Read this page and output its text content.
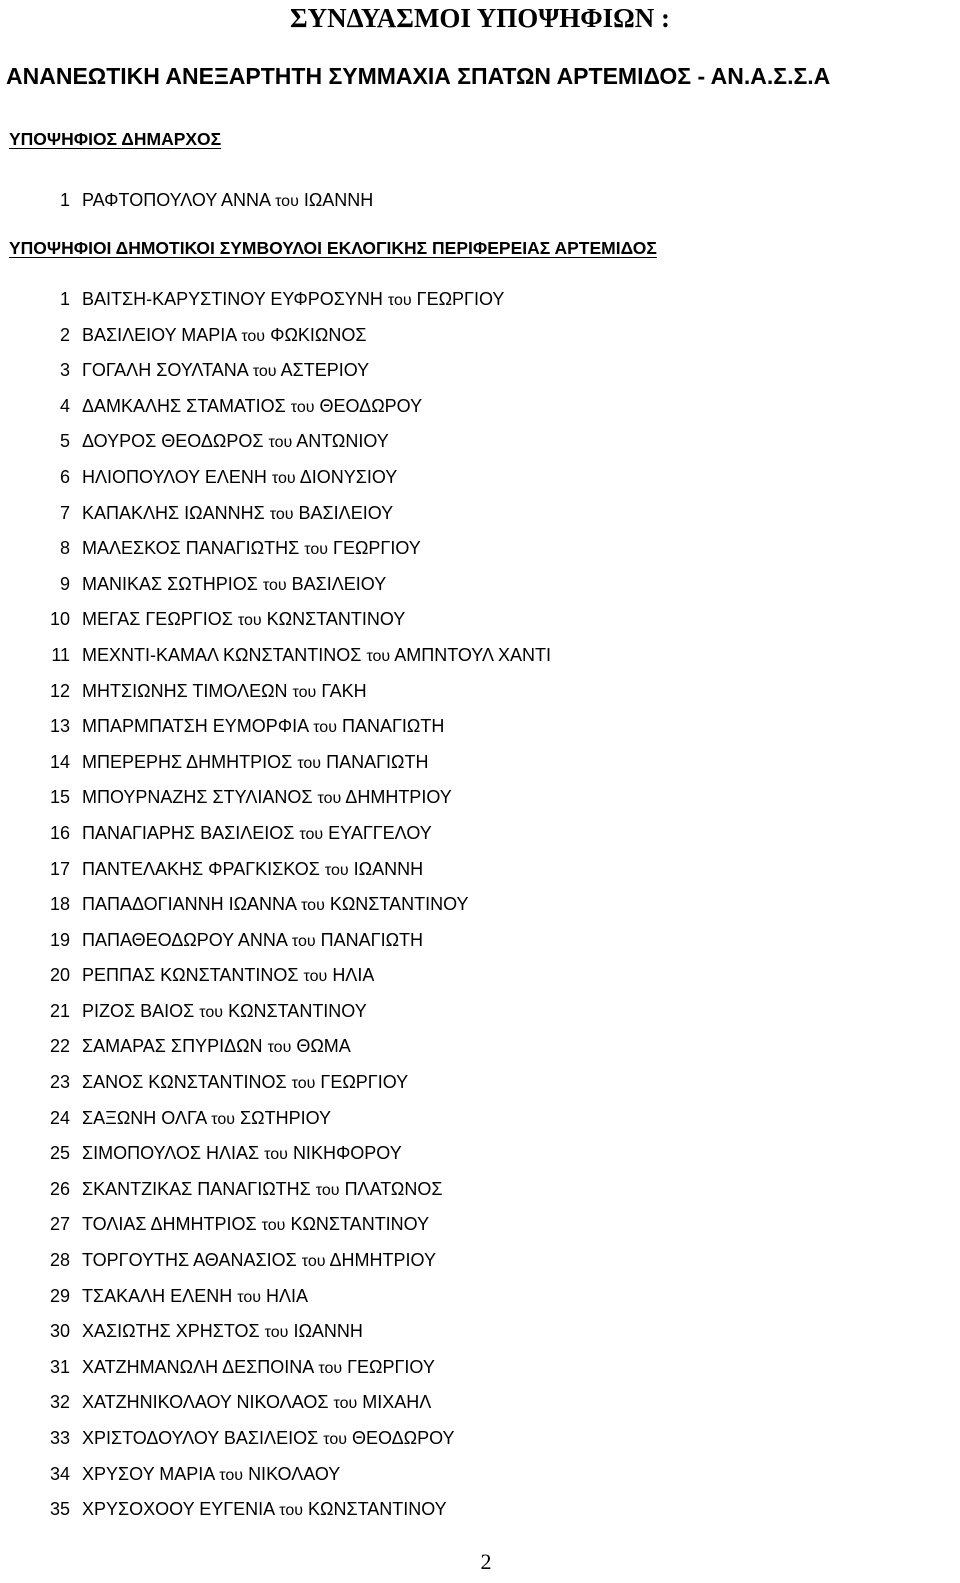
ΣΥΝΔΥΑΣΜΟΙ ΥΠΟΨΗΦΙΩΝ :
ΑΝΑΝΕΩΤΙΚΗ ΑΝΕΞΑΡΤΗΤΗ ΣΥΜΜΑΧΙΑ ΣΠΑΤΩΝ ΑΡΤΕΜΙΔΟΣ - ΑΝ.Α.Σ.Σ.Α
ΥΠΟΨΗΦΙΟΣ ΔΗΜΑΡΧΟΣ
1 ΡΑΦΤΟΠΟΥΛΟΥ ΑΝΝΑ του ΙΩΑΝΝΗ
ΥΠΟΨΗΦΙΟΙ ΔΗΜΟΤΙΚΟΙ ΣΥΜΒΟΥΛΟΙ ΕΚΛΟΓΙΚΗΣ ΠΕΡΙΦΕΡΕΙΑΣ ΑΡΤΕΜΙΔΟΣ
1 ΒΑΙΤΣΗ-ΚΑΡΥΣΤΙΝΟΥ ΕΥΦΡΟΣΥΝΗ του ΓΕΩΡΓΙΟΥ
2 ΒΑΣΙΛΕΙΟΥ ΜΑΡΙΑ του ΦΩΚΙΩΝΟΣ
3 ΓΟΓΑΛΗ ΣΟΥΛΤΑΝΑ του ΑΣΤΕΡΙΟΥ
4 ΔΑΜΚΑΛΗΣ ΣΤΑΜΑΤΙΟΣ του ΘΕΟΔΩΡΟΥ
5 ΔΟΥΡΟΣ ΘΕΟΔΩΡΟΣ του ΑΝΤΩΝΙΟΥ
6 ΗΛΙΟΠΟΥΛΟΥ ΕΛΕΝΗ του ΔΙΟΝΥΣΙΟΥ
7 ΚΑΠΑΚΛΗΣ ΙΩΑΝΝΗΣ του ΒΑΣΙΛΕΙΟΥ
8 ΜΑΛΕΣΚΟΣ ΠΑΝΑΓΙΩΤΗΣ του ΓΕΩΡΓΙΟΥ
9 ΜΑΝΙΚΑΣ ΣΩΤΗΡΙΟΣ του ΒΑΣΙΛΕΙΟΥ
10 ΜΕΓΑΣ ΓΕΩΡΓΙΟΣ του ΚΩΝΣΤΑΝΤΙΝΟΥ
11 ΜΕΧΝΤΙ-ΚΑΜΑΛ ΚΩΝΣΤΑΝΤΙΝΟΣ του ΑΜΠΝΤΟΥΛ ΧΑΝΤΙ
12 ΜΗΤΣΙΩΝΗΣ ΤΙΜΟΛΕΩΝ του ΓΑΚΗ
13 ΜΠΑΡΜΠΑΤΣΗ ΕΥΜΟΡΦΙΑ του ΠΑΝΑΓΙΩΤΗ
14 ΜΠΕΡΕΡΗΣ ΔΗΜΗΤΡΙΟΣ του ΠΑΝΑΓΙΩΤΗ
15 ΜΠΟΥΡΝΑΖΗΣ ΣΤΥΛΙΑΝΟΣ του ΔΗΜΗΤΡΙΟΥ
16 ΠΑΝΑΓΙΑΡΗΣ ΒΑΣΙΛΕΙΟΣ του ΕΥΑΓΓΕΛΟΥ
17 ΠΑΝΤΕΛΑΚΗΣ ΦΡΑΓΚΙΣΚΟΣ του ΙΩΑΝΝΗ
18 ΠΑΠΑΔΟΓΙΑΝΝΗ ΙΩΑΝΝΑ του ΚΩΝΣΤΑΝΤΙΝΟΥ
19 ΠΑΠΑΘΕΟΔΩΡΟΥ ΑΝΝΑ του ΠΑΝΑΓΙΩΤΗ
20 ΡΕΠΠΑΣ ΚΩΝΣΤΑΝΤΙΝΟΣ του ΗΛΙΑ
21 ΡΙΖΟΣ ΒΑΙΟΣ του ΚΩΝΣΤΑΝΤΙΝΟΥ
22 ΣΑΜΑΡΑΣ ΣΠΥΡΙΔΩΝ του ΘΩΜΑ
23 ΣΑΝΟΣ ΚΩΝΣΤΑΝΤΙΝΟΣ του ΓΕΩΡΓΙΟΥ
24 ΣΑΞΩΝΗ ΟΛΓΑ του ΣΩΤΗΡΙΟΥ
25 ΣΙΜΟΠΟΥΛΟΣ ΗΛΙΑΣ του ΝΙΚΗΦΟΡΟΥ
26 ΣΚΑΝΤΖΙΚΑΣ ΠΑΝΑΓΙΩΤΗΣ του ΠΛΑΤΩΝΟΣ
27 ΤΟΛΙΑΣ ΔΗΜΗΤΡΙΟΣ του ΚΩΝΣΤΑΝΤΙΝΟΥ
28 ΤΟΡΓΟΥΤΗΣ ΑΘΑΝΑΣΙΟΣ του ΔΗΜΗΤΡΙΟΥ
29 ΤΣΑΚΑΛΗ ΕΛΕΝΗ του ΗΛΙΑ
30 ΧΑΣΙΩΤΗΣ ΧΡΗΣΤΟΣ του ΙΩΑΝΝΗ
31 ΧΑΤΖΗΜΑΝΩΛΗ ΔΕΣΠΟΙΝΑ του ΓΕΩΡΓΙΟΥ
32 ΧΑΤΖΗΝΙΚΟΛΑΟΥ ΝΙΚΟΛΑΟΣ του ΜΙΧΑΗΛ
33 ΧΡΙΣΤΟΔΟΥΛΟΥ ΒΑΣΙΛΕΙΟΣ του ΘΕΟΔΩΡΟΥ
34 ΧΡΥΣΟΥ ΜΑΡΙΑ του ΝΙΚΟΛΑΟΥ
35 ΧΡΥΣΟΧΟΟΥ ΕΥΓΕΝΙΑ του ΚΩΝΣΤΑΝΤΙΝΟΥ
2
